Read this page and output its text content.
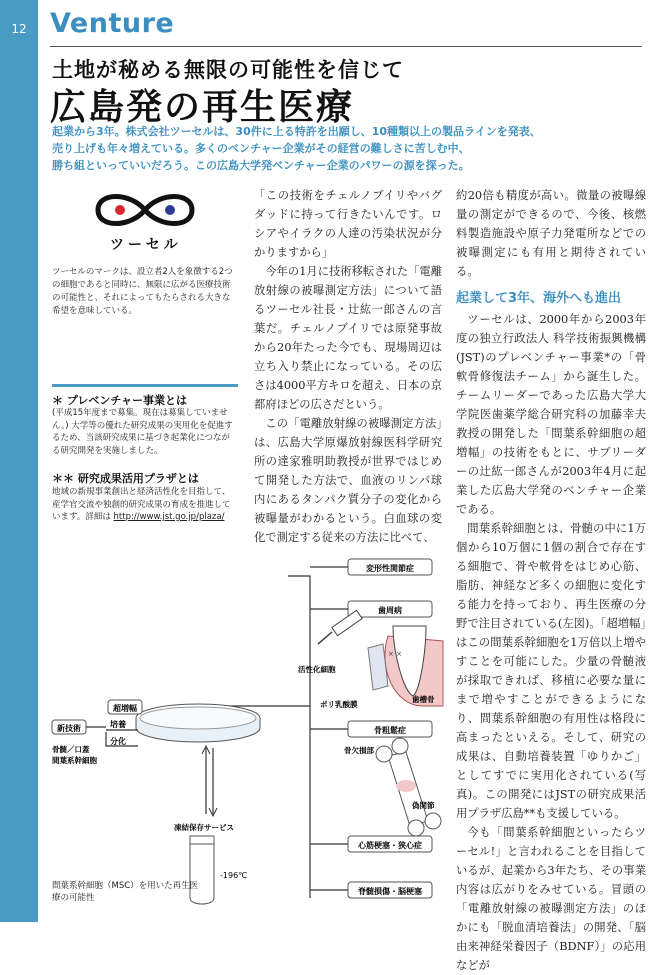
12 Venture
土地が秘める無限の可能性を信じて
広島発の再生医療
起業から3年。株式会社ツーセルは、30件に上る特許を出願し、10種類以上の製品ラインを発表、
売り上げも年々増えている。多くのベンチャー企業がその経営の難しさに苦しむ中、
勝ち組といっていいだろう。この広島大学発ベンチャー企業のパワーの源を探った。
ツーセル
ツーセルのマークは、設立者2人を象徴する2つの細胞であると同時に、無限に広がる医療技術の可能性と、それによってもたらされる大きな希望を意味している。
＊ プレベンチャー事業とは
(平成15年度まで募集。現在は募集していません。) 大学等の優れた研究成果の実用化を促進するため、当該研究成果に基づき起業化につながる研究開発を実施しました。
＊＊ 研究成果活用プラザとは
地域の新規事業創出と経済活性化を目指して、産学官交流や独創的研究成果の育成を推進しています。詳細は http://www.jst.go.jp/plaza/

「この技術をチェルノブイリやバグダッドに持って行きたいんです。ロシアやイラクの人達の汚染状況が分かりますから」

今年の1月に技術移転された「電離放射線の被曝測定方法」について語るツーセル社長・辻紘一郎さんの言葉だ。チェルノブイリでは原発事故から20年たった今でも、現場周辺は立ち入り禁止になっている。その広さは4000平方キロを超え、日本の京都府ほどの広さだという。

この「電離放射線の被曝測定方法」は、広島大学原爆放射線医科学研究所の達家雅明助教授が世界ではじめて開発した方法で、血液のリンパ球内にあるタンパク質分子の変化から被曝量がわかるという。白血球の変化で測定する従来の方法に比べて、

約20倍も精度が高い。微量の被曝線量の測定ができるので、今後、核燃料製造施設や原子力発電所などでの被曝測定にも有用と期待されている。

起業して3年、海外へも進出

ツーセルは、2000年から2003年度の独立行政法人 科学技術振興機構(JST)のプレベンチャー事業*の「骨軟骨修復法チーム」から誕生した。チームリーダーであった広島大学大学院医歯薬学総合研究科の加藤幸夫教授の開発した「間葉系幹細胞の超増幅」の技術をもとに、サブリーダーの辻紘一郎さんが2003年4月に起業した広島大学発のベンチャー企業である。

間葉系幹細胞とは、骨髄の中に1万個から10万個に1個の割合で存在する細胞で、骨や軟骨をはじめ心筋、脂肪、神経など多くの細胞に変化する能力を持っており、再生医療の分野で注目されている(左図)。「超増幅」はこの間葉系幹細胞を1万倍以上増やすことを可能にした。少量の骨髄液が採取できれば、移植に必要な量にまで増やすことができるようになり、間葉系幹細胞の有用性は格段に高まったといえる。そして、研究の成果は、自動培養装置「ゆりかご」としてすでに実用化されている(写真)。この開発にはJSTの研究成果活用プラザ広島**も支援している。

今も「間葉系幹細胞といったらツーセル!」と言われることを目指しているが、起業から3年たち、その事業内容は広がりをみせている。冒頭の「電離放射線の被曝測定方法」のほかにも「脱血清培養法」の開発、「脳由来神経栄養因子（BDNF）」の応用などが

変形性関節症
歯周病
骨粗鬆症
心筋梗塞・狭心症
脊髄損傷・脳梗塞
× ×
活性化細胞
ポリ乳酸膜
歯槽骨
骨欠損部
偽関節
新技術
超増幅
培養
分化
骨髄／口蓋
間葉系幹細胞
凍結保存サービス
-196℃
間葉系幹細胞（MSC）を用いた再生医療の可能性
